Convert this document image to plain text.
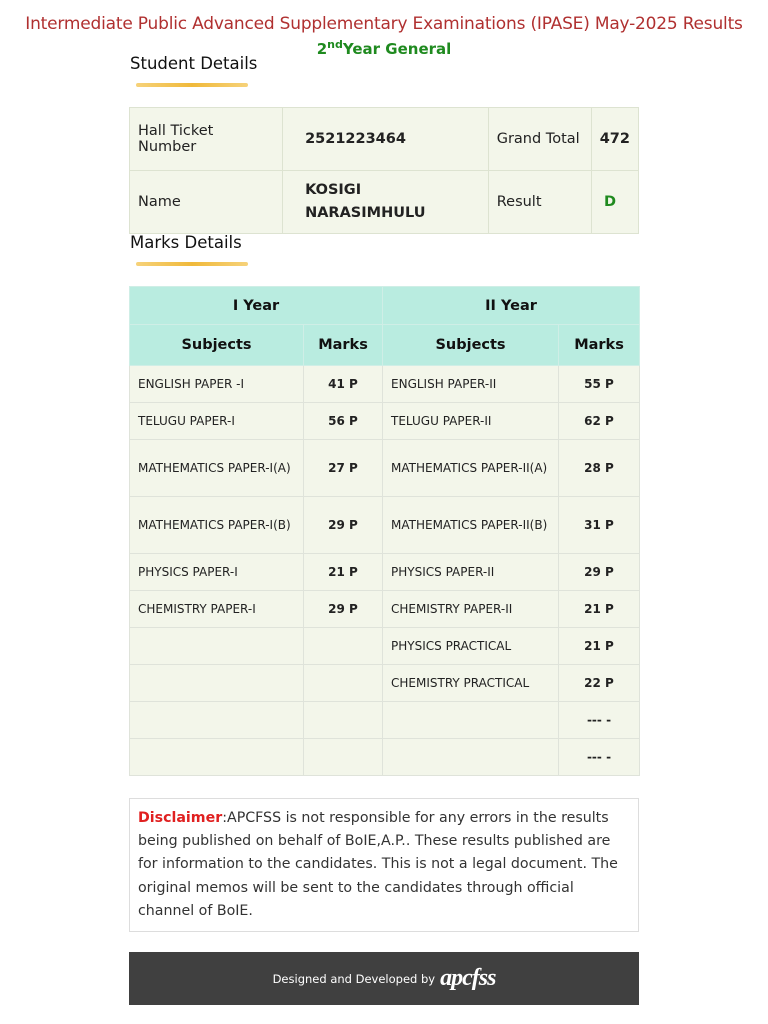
Intermediate Public Advanced Supplementary Examinations (IPASE) May-2025 Results
2ndYear General
Student Details
Hall Ticket Number	2521223464	Grand Total	472
Name	KOSIGI NARASIMHULU	Result	D
Marks Details
I Year		II Year	
Subjects	Marks	Subjects	Marks
ENGLISH PAPER -I	41 P	ENGLISH PAPER-II	55 P
TELUGU PAPER-I	56 P	TELUGU PAPER-II	62 P
MATHEMATICS PAPER-I(A)	27 P	MATHEMATICS PAPER-II(A)	28 P
MATHEMATICS PAPER-I(B)	29 P	MATHEMATICS PAPER-II(B)	31 P
PHYSICS PAPER-I	21 P	PHYSICS PAPER-II	29 P
CHEMISTRY PAPER-I	29 P	CHEMISTRY PAPER-II	21 P
		PHYSICS PRACTICAL	21 P
		CHEMISTRY PRACTICAL	22 P
			--- -
			--- -
Disclaimer:APCFSS is not responsible for any errors in the results being published on behalf of BoIE,A.P.. These results published are for information to the candidates. This is not a legal document. The original memos will be sent to the candidates through official channel of BoIE.
Designed and Developed by apcfss
